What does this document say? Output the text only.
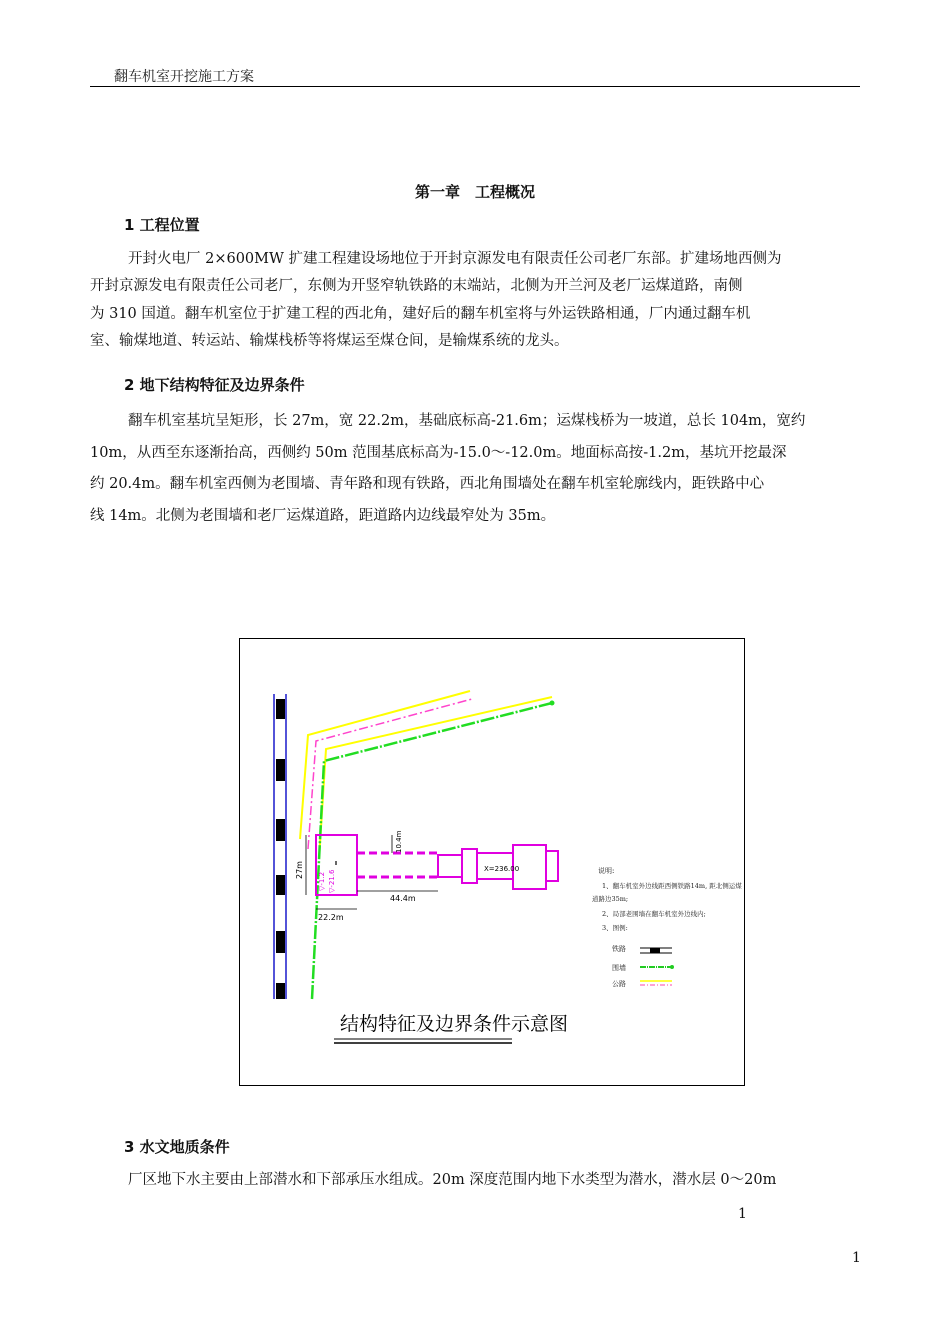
翻车机室开挖施工方案
第一章　工程概况
1 工程位置
开封火电厂 2×600MW 扩建工程建设场地位于开封京源发电有限责任公司老厂东部。扩建场地西侧为
开封京源发电有限责任公司老厂，东侧为开竖窄轨铁路的末端站，北侧为开兰河及老厂运煤道路，南侧
为 310 国道。翻车机室位于扩建工程的西北角，建好后的翻车机室将与外运铁路相通，厂内通过翻车机
室、输煤地道、转运站、输煤栈桥等将煤运至煤仓间，是输煤系统的龙头。
2 地下结构特征及边界条件
翻车机室基坑呈矩形，长 27m，宽 22.2m，基础底标高-21.6m；运煤栈桥为一坡道，总长 104m，宽约
10m，从西至东逐渐抬高，西侧约 50m 范围基底标高为-15.0～-12.0m。地面标高按-1.2m，基坑开挖最深
约 20.4m。翻车机室西侧为老围墙、青年路和现有铁路，西北角围墙处在翻车机室轮廓线内，距铁路中心
线 14m。北侧为老围墙和老厂运煤道路，距道路内边线最窄处为 35m。
27m
22.2m
44.4m
10.4m
▽-1.2 ▽-21.6
X=236.00	说明:
1、翻车机室外边线距西侧铁路14m, 距北侧运煤
道路边35m;
2、局部老围墙在翻车机室外边线内;
3、图例:
铁路
围墙
公路
结构特征及边界条件示意图
3 水文地质条件
厂区地下水主要由上部潜水和下部承压水组成。20m 深度范围内地下水类型为潜水，潜水层 0～20m
1
1
